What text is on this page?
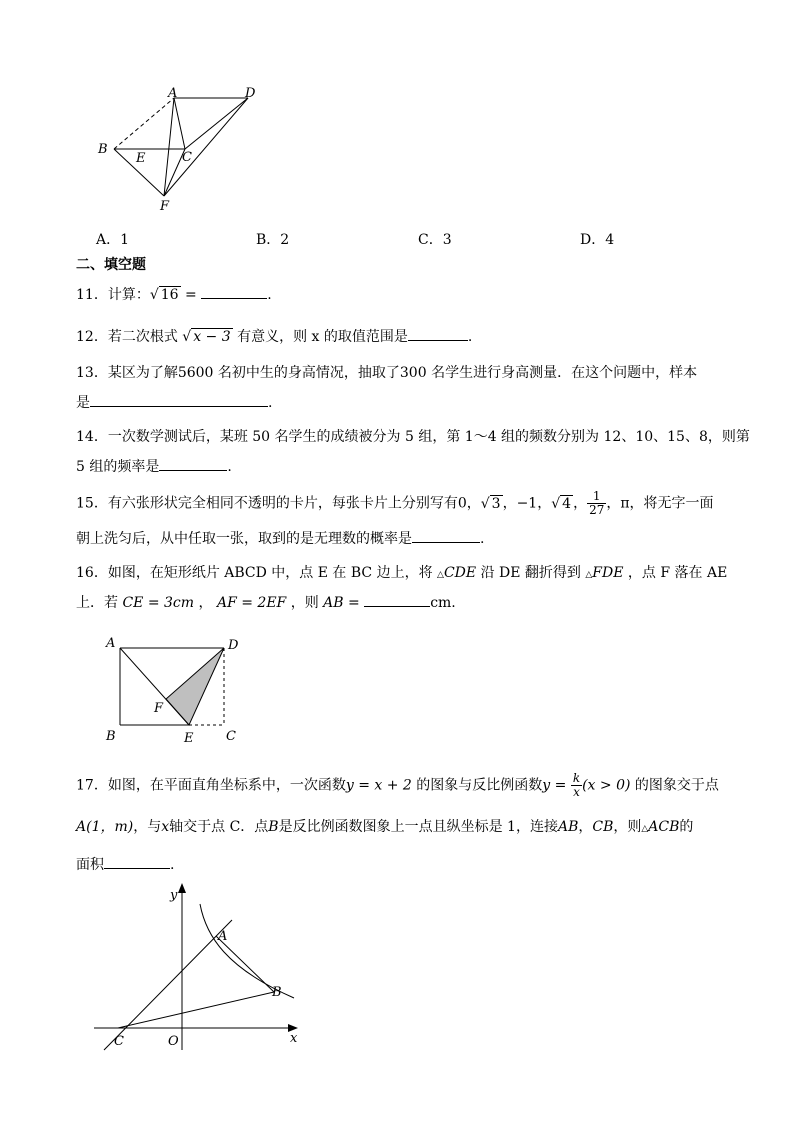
A	D
B
E	C
F
A．1	B．2	C．3	D．4
二、填空题
11．计算：√ 16 =	.
12．若二次根式 √ x − 3 有意义，则 x 的取值范围是	.
13．某区为了解5600 名初中生的身高情况，抽取了300 名学生进行身高测量．在这个问题中，样本
是	.
14．一次数学测试后，某班 50 名学生的成绩被分为 5 组，第 1～4 组的频数分别为 12、10、15、8，则第
5 组的频率是	.
15．有六张形状完全相同不透明的卡片，每张卡片上分别写有0，√ 3 ，−1，√ 4 ， $\frac{1}{27}$ ，π，将无字一面
朝上洗匀后，从中任取一张，取到的是无理数的概率是	.
16．如图，在矩形纸片 ABCD 中，点 E 在 BC 边上，将 △CDE 沿 DE 翻折得到 △FDE ，点 F 落在 AE
上．若 CE = 3cm ， AF = 2EF ，则 AB =	cm.
A	D
B	E	C
F
17．如图，在平面直角坐标系中，一次函数y = x + 2 的图象与反比例函数$y = \frac{k}{x} (x > 0)$ 的图象交于点
A(1，m)，与x轴交于点 C．点B是反比例函数图象上一点且纵坐标是 1，连接AB，CB，则△ACB的
面积	.
y
x
A
B
C	O
